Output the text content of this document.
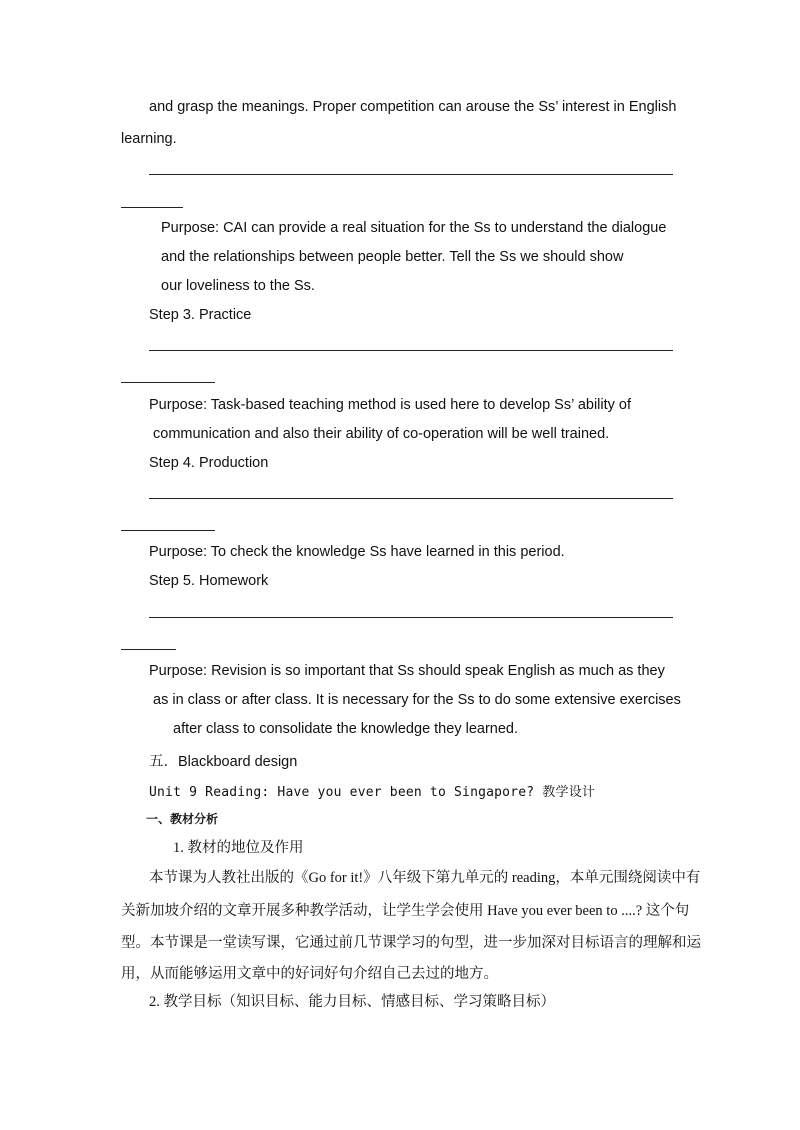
and grasp the meanings. Proper competition can arouse the Ss’ interest in English
learning.
Purpose: CAI can provide a real situation for the Ss to understand the dialogue
and the relationships between people better. Tell the Ss we should show
our loveliness to the Ss.
Step 3. Practice
Purpose: Task-based teaching method is used here to develop Ss’ ability of
communication and also their ability of co-operation will be well trained.
Step 4. Production
Purpose: To check the knowledge Ss have learned in this period.
Step 5. Homework
Purpose: Revision is so important that Ss should speak English as much as they
as in class or after class. It is necessary for the Ss to do some extensive exercises
after class to consolidate the knowledge they learned.
五．Blackboard design
Unit 9 Reading: Have you ever been to Singapore? 教学设计
一、教材分析
1. 教材的地位及作用
本节课为人教社出版的《Go for it!》八年级下第九单元的 reading，本单元围绕阅读中有
关新加坡介绍的文章开展多种教学活动，让学生学会使用 Have you ever been to ....? 这个句
型。本节课是一堂读写课，它通过前几节课学习的句型，进一步加深对目标语言的理解和运
用，从而能够运用文章中的好词好句介绍自己去过的地方。
2. 教学目标（知识目标、能力目标、情感目标、学习策略目标）
